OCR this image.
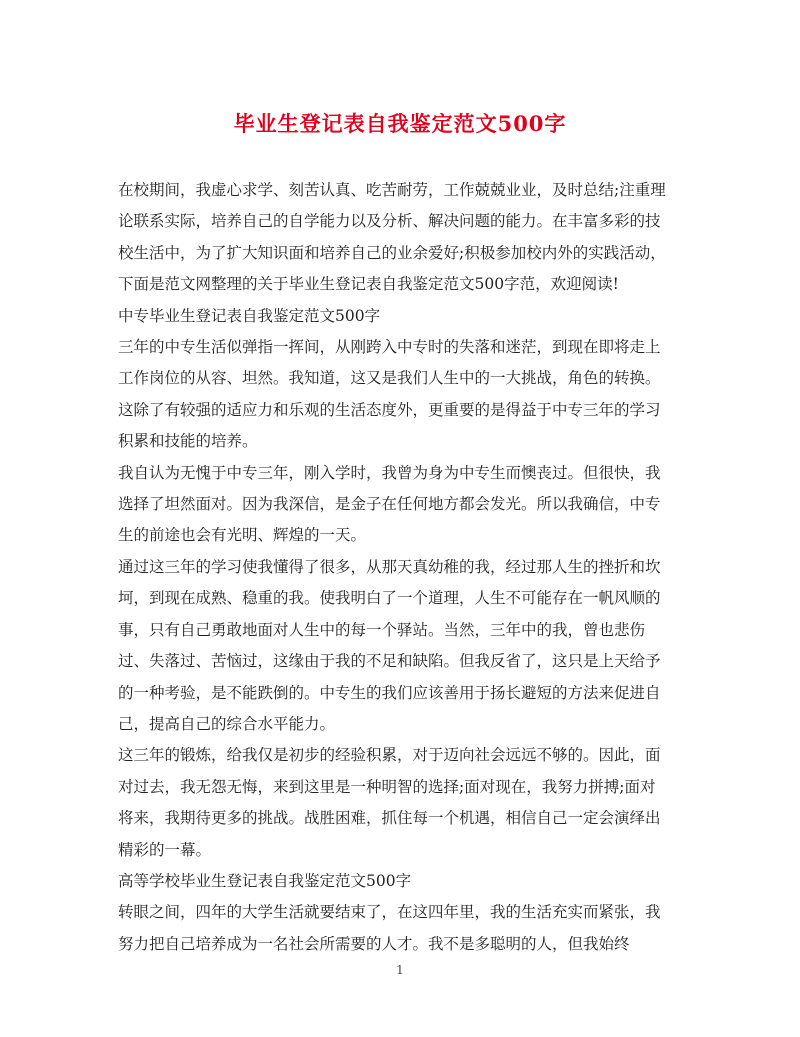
毕业生登记表自我鉴定范文500字

在校期间，我虚心求学、刻苦认真、吃苦耐劳，工作兢兢业业，及时总结;注重理论联系实际，培养自己的自学能力以及分析、解决问题的能力。在丰富多彩的技校生活中，为了扩大知识面和培养自己的业余爱好;积极参加校内外的实践活动，下面是范文网整理的关于毕业生登记表自我鉴定范文500字范，欢迎阅读!

中专毕业生登记表自我鉴定范文500字

三年的中专生活似弹指一挥间，从刚跨入中专时的失落和迷茫，到现在即将走上工作岗位的从容、坦然。我知道，这又是我们人生中的一大挑战，角色的转换。这除了有较强的适应力和乐观的生活态度外，更重要的是得益于中专三年的学习积累和技能的培养。

我自认为无愧于中专三年，刚入学时，我曾为身为中专生而懊丧过。但很快，我选择了坦然面对。因为我深信，是金子在任何地方都会发光。所以我确信，中专生的前途也会有光明、辉煌的一天。

通过这三年的学习使我懂得了很多，从那天真幼稚的我，经过那人生的挫折和坎坷，到现在成熟、稳重的我。使我明白了一个道理，人生不可能存在一帆风顺的事，只有自己勇敢地面对人生中的每一个驿站。当然，三年中的我，曾也悲伤过、失落过、苦恼过，这缘由于我的不足和缺陷。但我反省了，这只是上天给予的一种考验，是不能跌倒的。中专生的我们应该善用于扬长避短的方法来促进自己，提高自己的综合水平能力。

这三年的锻炼，给我仅是初步的经验积累，对于迈向社会远远不够的。因此，面对过去，我无怨无悔，来到这里是一种明智的选择;面对现在，我努力拼搏;面对将来，我期待更多的挑战。战胜困难，抓住每一个机遇，相信自己一定会演绎出精彩的一幕。

高等学校毕业生登记表自我鉴定范文500字

转眼之间，四年的大学生活就要结束了，在这四年里，我的生活充实而紧张，我努力把自己培养成为一名社会所需要的人才。我不是多聪明的人，但我始终

1
